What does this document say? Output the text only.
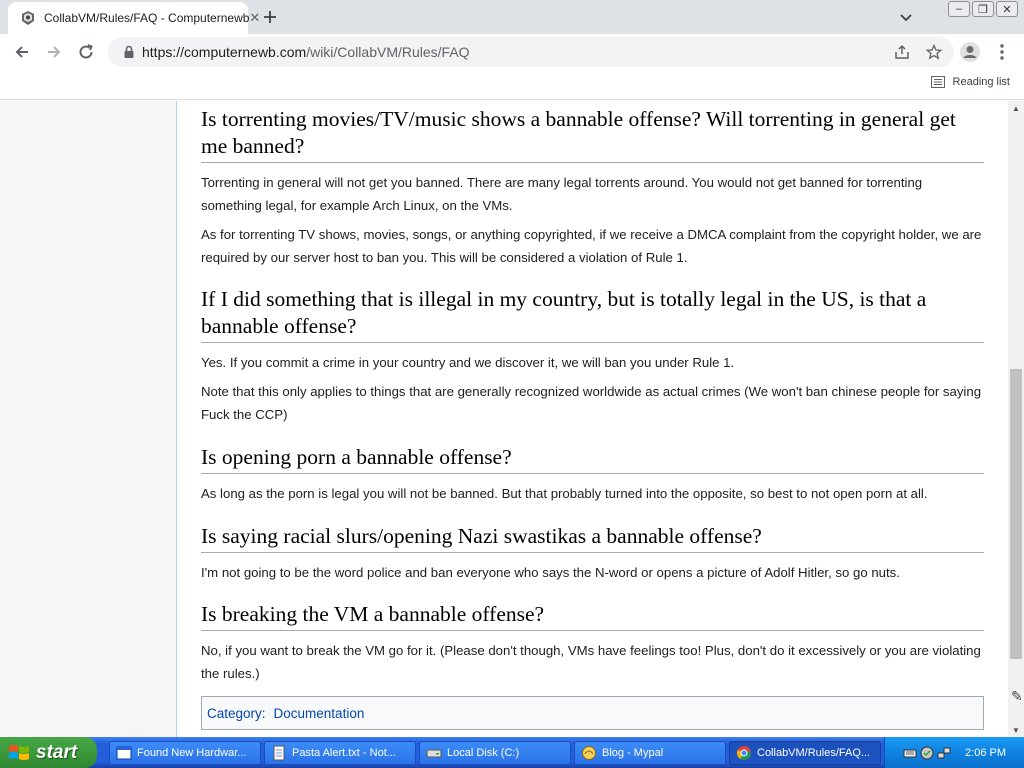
CollabVM/Rules/FAQ - Computernewb ✕
‒	❐	✕
https://computernewb.com/wiki/CollabVM/Rules/FAQ
Reading list
Is torrenting movies/TV/music shows a bannable offense? Will torrenting in general get me banned?

Torrenting in general will not get you banned. There are many legal torrents around. You would not get banned for torrenting something legal, for example Arch Linux, on the VMs.

As for torrenting TV shows, movies, songs, or anything copyrighted, if we receive a DMCA complaint from the copyright holder, we are required by our server host to ban you. This will be considered a violation of Rule 1.

If I did something that is illegal in my country, but is totally legal in the US, is that a bannable offense?

Yes. If you commit a crime in your country and we discover it, we will ban you under Rule 1.

Note that this only applies to things that are generally recognized worldwide as actual crimes (We won't ban chinese people for saying Fuck the CCP)

Is opening porn a bannable offense?

As long as the porn is legal you will not be banned. But that probably turned into the opposite, so best to not open porn at all.

Is saying racial slurs/opening Nazi swastikas a bannable offense?

I'm not going to be the word police and ban everyone who says the N-word or opens a picture of Adolf Hitler, so go nuts.

Is breaking the VM a bannable offense?

No, if you want to break the VM go for it. (Please don't though, VMs have feelings too! Plus, don't do it excessively or you are violating the rules.)

Category: Documentation
▲
▼
✎
start	Found New Hardwar...	Pasta Alert.txt - Not...	Local Disk (C:)	Blog - Mypal	CollabVM/Rules/FAQ...	2:06 PM
